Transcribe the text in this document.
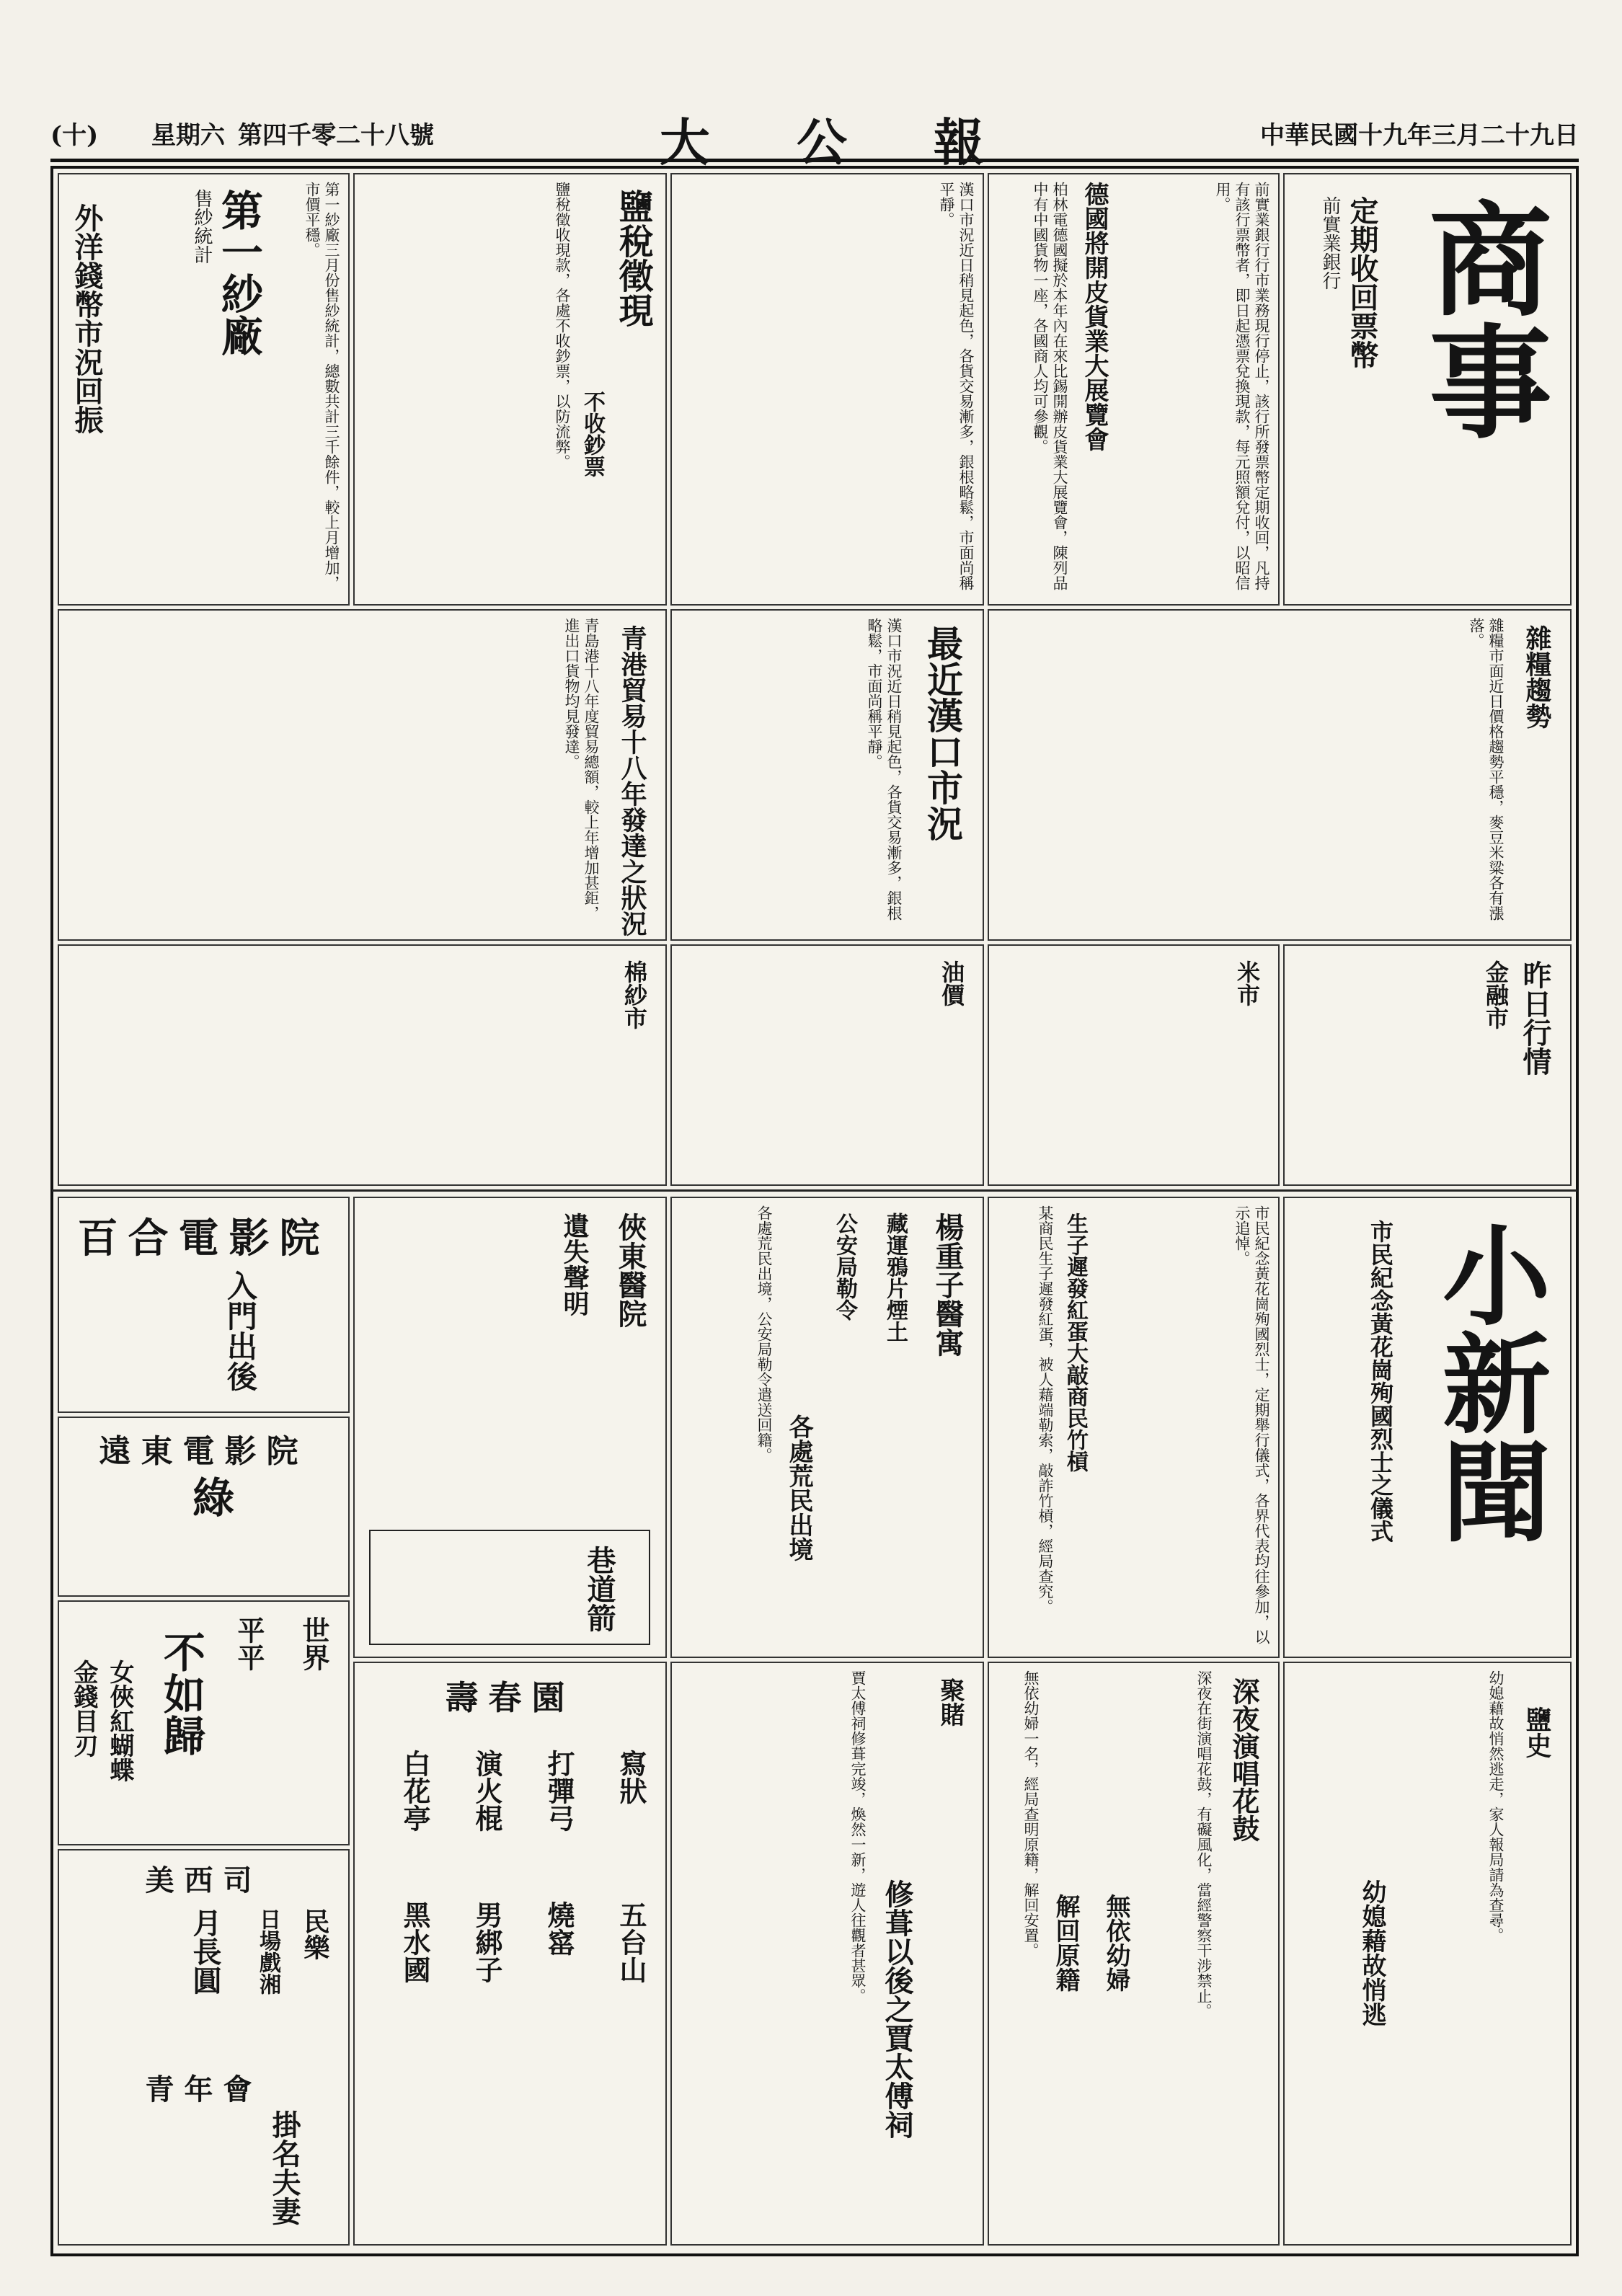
中華民國十九年三月二十九日
大公報
第四千零二十八號
星期六
(十)
商事
定期收回票幣
前實業銀行
前實業銀行行市業務現行停止，該行所發票幣定期收回，凡持有該行票幣者，即日起憑票兌換現款，每元照額兌付，以昭信用。
德國將開皮貨業大展覽會
柏林電德國擬於本年內在來比錫開辦皮貨業大展覽會，陳列品中有中國貨物一座，各國商人均可參觀。
漢口市況近日稍見起色，各貨交易漸多，銀根略鬆，市面尚稱平靜。
鹽稅徵現
不收鈔票
鹽稅徵收現款，各處不收鈔票，以防流弊。
第一紗廠
售紗統計	第一紗廠三月份售紗統計，總數共計三千餘件，較上月增加，市價平穩。
外洋錢幣市況回振
雜糧趨勢
雜糧市面近日價格趨勢平穩，麥豆米粱各有漲落。
最近漢口市況
漢口市況近日稍見起色，各貨交易漸多，銀根略鬆，市面尚稱平靜。
青港貿易十八年發達之狀況
青島港十八年度貿易總額，較上年增加甚鉅，進出口貨物均見發達。
昨日行情
金融市
米市
油價
棉紗市
小新聞
市民紀念黃花崗殉國烈士之儀式
市民紀念黃花崗殉國烈士，定期舉行儀式，各界代表均往參加，以示追悼。
生子遲發紅蛋大敲商民竹槓
某商民生子遲發紅蛋，被人藉端勒索，敲詐竹槓，經局查究。
楊重子醫寓
藏運鴉片煙土
公安局勒令
各處荒民出境
各處荒民出境，公安局勒令遣送回籍。
俠東醫院
遺失聲明
巷道箭
百合電影院
入門出後
遠東電影院
綠
世界
平平
不如歸
女俠紅蝴蝶
金錢目刃
美西司
民樂
日場戲湘
月長圓
青年會
掛名夫妻
壽春園
寫狀
五台山
打彈弓
燒窰
演火棍
男綁子
白花亭
黑水國
聚賭
修葺以後之賈太傅祠
賈太傅祠修葺完竣，煥然一新，遊人往觀者甚眾。	深夜演唱花鼓
深夜在街演唱花鼓，有礙風化，當經警察干涉禁止。
無依幼婦
解回原籍
無依幼婦一名，經局查明原籍，解回安置。	鹽史
幼媳藉故悄然逃走，家人報局請為查尋。
幼媳藉故悄逃
